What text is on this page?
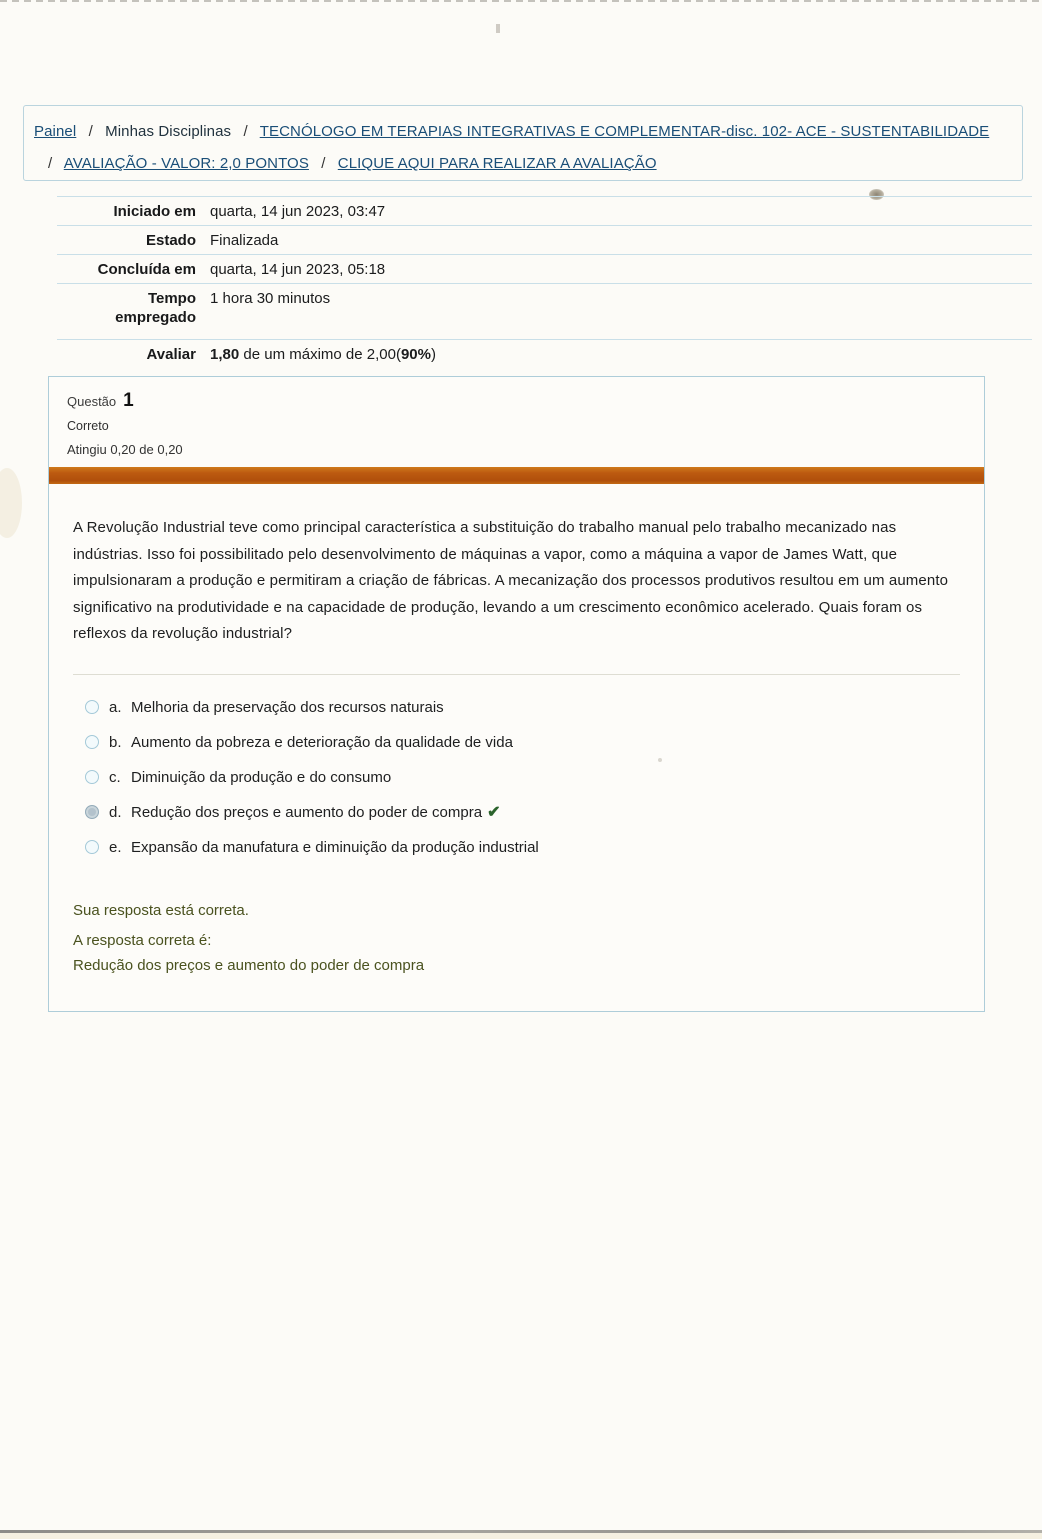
Painel / Minhas Disciplinas / TECNÓLOGO EM TERAPIAS INTEGRATIVAS E COMPLEMENTAR-disc. 102- ACE - SUSTENTABILIDADE
/ AVALIAÇÃO - VALOR: 2,0 PONTOS / CLIQUE AQUI PARA REALIZAR A AVALIAÇÃO
Iniciado em quarta, 14 jun 2023, 03:47
Estado Finalizada
Concluída em quarta, 14 jun 2023, 05:18
Tempo empregado
1 hora 30 minutos
Avaliar 1,80 de um máximo de 2,00(90%)
Questão 1
Correto
Atingiu 0,20 de 0,20

A Revolução Industrial teve como principal característica a substituição do trabalho manual pelo trabalho mecanizado nas indústrias. Isso foi possibilitado pelo desenvolvimento de máquinas a vapor, como a máquina a vapor de James Watt, que impulsionaram a produção e permitiram a criação de fábricas. A mecanização dos processos produtivos resultou em um aumento significativo na produtividade e na capacidade de produção, levando a um crescimento econômico acelerado. Quais foram os reflexos da revolução industrial?

a. Melhoria da preservação dos recursos naturais
b. Aumento da pobreza e deterioração da qualidade de vida
c. Diminuição da produção e do consumo
d. Redução dos preços e aumento do poder de compra ✔
e. Expansão da manufatura e diminuição da produção industrial

Sua resposta está correta.

A resposta correta é:

Redução dos preços e aumento do poder de compra
